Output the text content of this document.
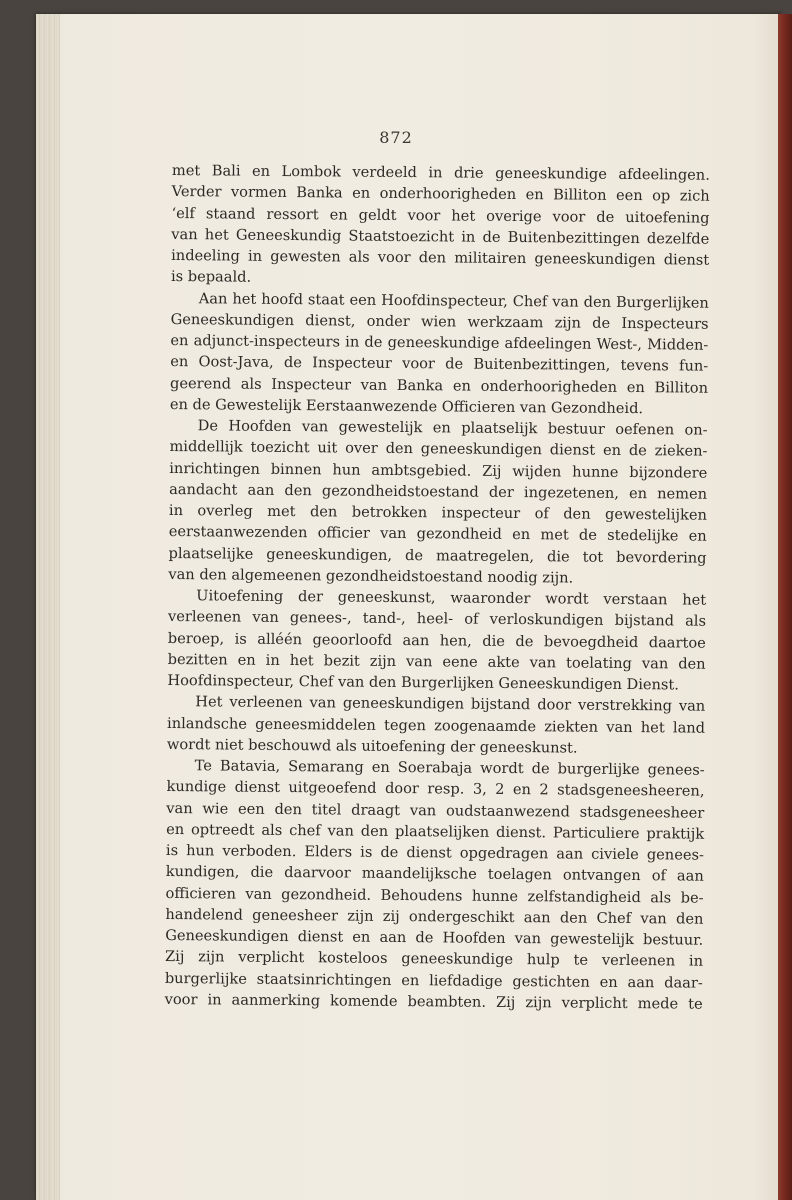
872
met Bali en Lombok verdeeld in drie geneeskundige afdeelingen.
Verder vormen Banka en onderhoorigheden en Billiton een op zich
‘elf staand ressort en geldt voor het overige voor de uitoefening
van het Geneeskundig Staatstoezicht in de Buitenbezittingen dezelfde
indeeling in gewesten als voor den militairen geneeskundigen dienst
is bepaald.
Aan het hoofd staat een Hoofdinspecteur, Chef van den Burgerlijken
Geneeskundigen dienst, onder wien werkzaam zijn de Inspecteurs
en adjunct-inspecteurs in de geneeskundige afdeelingen West-, Midden-
en Oost-Java, de Inspecteur voor de Buitenbezittingen, tevens fun-
geerend als Inspecteur van Banka en onderhoorigheden en Billiton
en de Gewestelijk Eerstaanwezende Officieren van Gezondheid.
De Hoofden van gewestelijk en plaatselijk bestuur oefenen on-
middellijk toezicht uit over den geneeskundigen dienst en de zieken-
inrichtingen binnen hun ambtsgebied. Zij wijden hunne bijzondere
aandacht aan den gezondheidstoestand der ingezetenen, en nemen
in overleg met den betrokken inspecteur of den gewestelijken
eerstaanwezenden officier van gezondheid en met de stedelijke en
plaatselijke geneeskundigen, de maatregelen, die tot bevordering
van den algemeenen gezondheidstoestand noodig zijn.
Uitoefening der geneeskunst, waaronder wordt verstaan het
verleenen van genees-, tand-, heel- of verloskundigen bijstand als
beroep, is alléén geoorloofd aan hen, die de bevoegdheid daartoe
bezitten en in het bezit zijn van eene akte van toelating van den
Hoofdinspecteur, Chef van den Burgerlijken Geneeskundigen Dienst.
Het verleenen van geneeskundigen bijstand door verstrekking van
inlandsche geneesmiddelen tegen zoogenaamde ziekten van het land
wordt niet beschouwd als uitoefening der geneeskunst.
Te Batavia, Semarang en Soerabaja wordt de burgerlijke genees-
kundige dienst uitgeoefend door resp. 3, 2 en 2 stadsgeneesheeren,
van wie een den titel draagt van oudstaanwezend stadsgeneesheer
en optreedt als chef van den plaatselijken dienst. Particuliere praktijk
is hun verboden. Elders is de dienst opgedragen aan civiele genees-
kundigen, die daarvoor maandelijksche toelagen ontvangen of aan
officieren van gezondheid. Behoudens hunne zelfstandigheid als be-
handelend geneesheer zijn zij ondergeschikt aan den Chef van den
Geneeskundigen dienst en aan de Hoofden van gewestelijk bestuur.
Zij zijn verplicht kosteloos geneeskundige hulp te verleenen in
burgerlijke staatsinrichtingen en liefdadige gestichten en aan daar-
voor in aanmerking komende beambten. Zij zijn verplicht mede te
